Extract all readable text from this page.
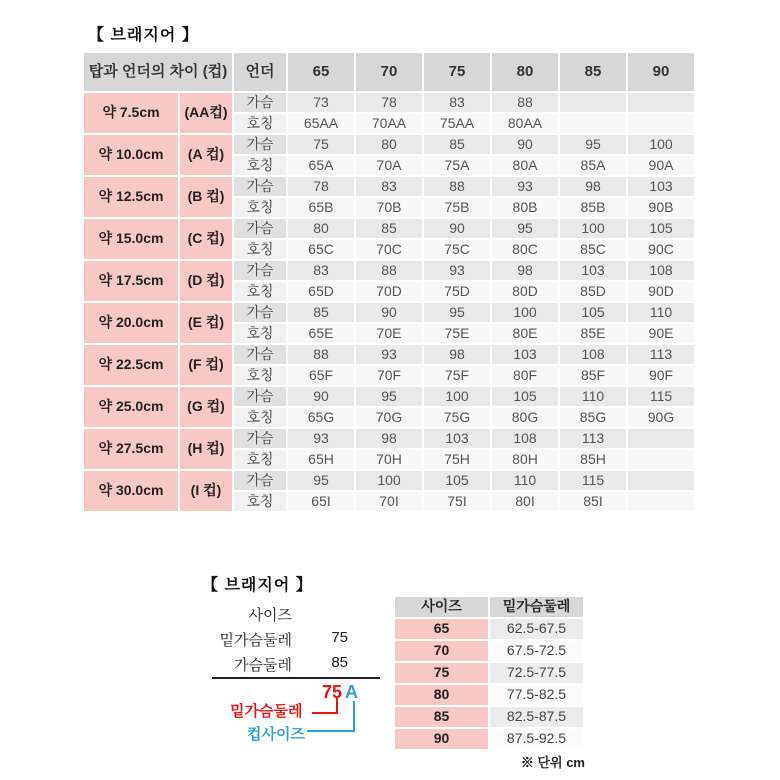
【 브래지어 】
탑과 언더의 차이 (컵)		언더	65	70	75	80	85	90
약 7.5cm	(AA컵)	가슴	73	78	83	88		
		호칭	65AA	70AA	75AA	80AA		
약 10.0cm	(A 컵)	가슴	75	80	85	90	95	100
		호칭	65A	70A	75A	80A	85A	90A
약 12.5cm	(B 컵)	가슴	78	83	88	93	98	103
		호칭	65B	70B	75B	80B	85B	90B
약 15.0cm	(C 컵)	가슴	80	85	90	95	100	105
		호칭	65C	70C	75C	80C	85C	90C
약 17.5cm	(D 컵)	가슴	83	88	93	98	103	108
		호칭	65D	70D	75D	80D	85D	90D
약 20.0cm	(E 컵)	가슴	85	90	95	100	105	110
		호칭	65E	70E	75E	80E	85E	90E
약 22.5cm	(F 컵)	가슴	88	93	98	103	108	113
		호칭	65F	70F	75F	80F	85F	90F
약 25.0cm	(G 컵)	가슴	90	95	100	105	110	115
		호칭	65G	70G	75G	80G	85G	90G
약 27.5cm	(H 컵)	가슴	93	98	103	108	113	
		호칭	65H	70H	75H	80H	85H	
약 30.0cm	(I 컵)	가슴	95	100	105	110	115	
		호칭	65I	70I	75I	80I	85I	
【 브래지어 】
사이즈
밑가슴둘레	75
가슴둘레	85
75 A
밑가슴둘레
컵사이즈
사이즈	밑가슴둘레
65	62.5-67.5
70	67.5-72.5
75	72.5-77.5
80	77.5-82.5
85	82.5-87.5
90	87.5-92.5
※ 단위 cm
